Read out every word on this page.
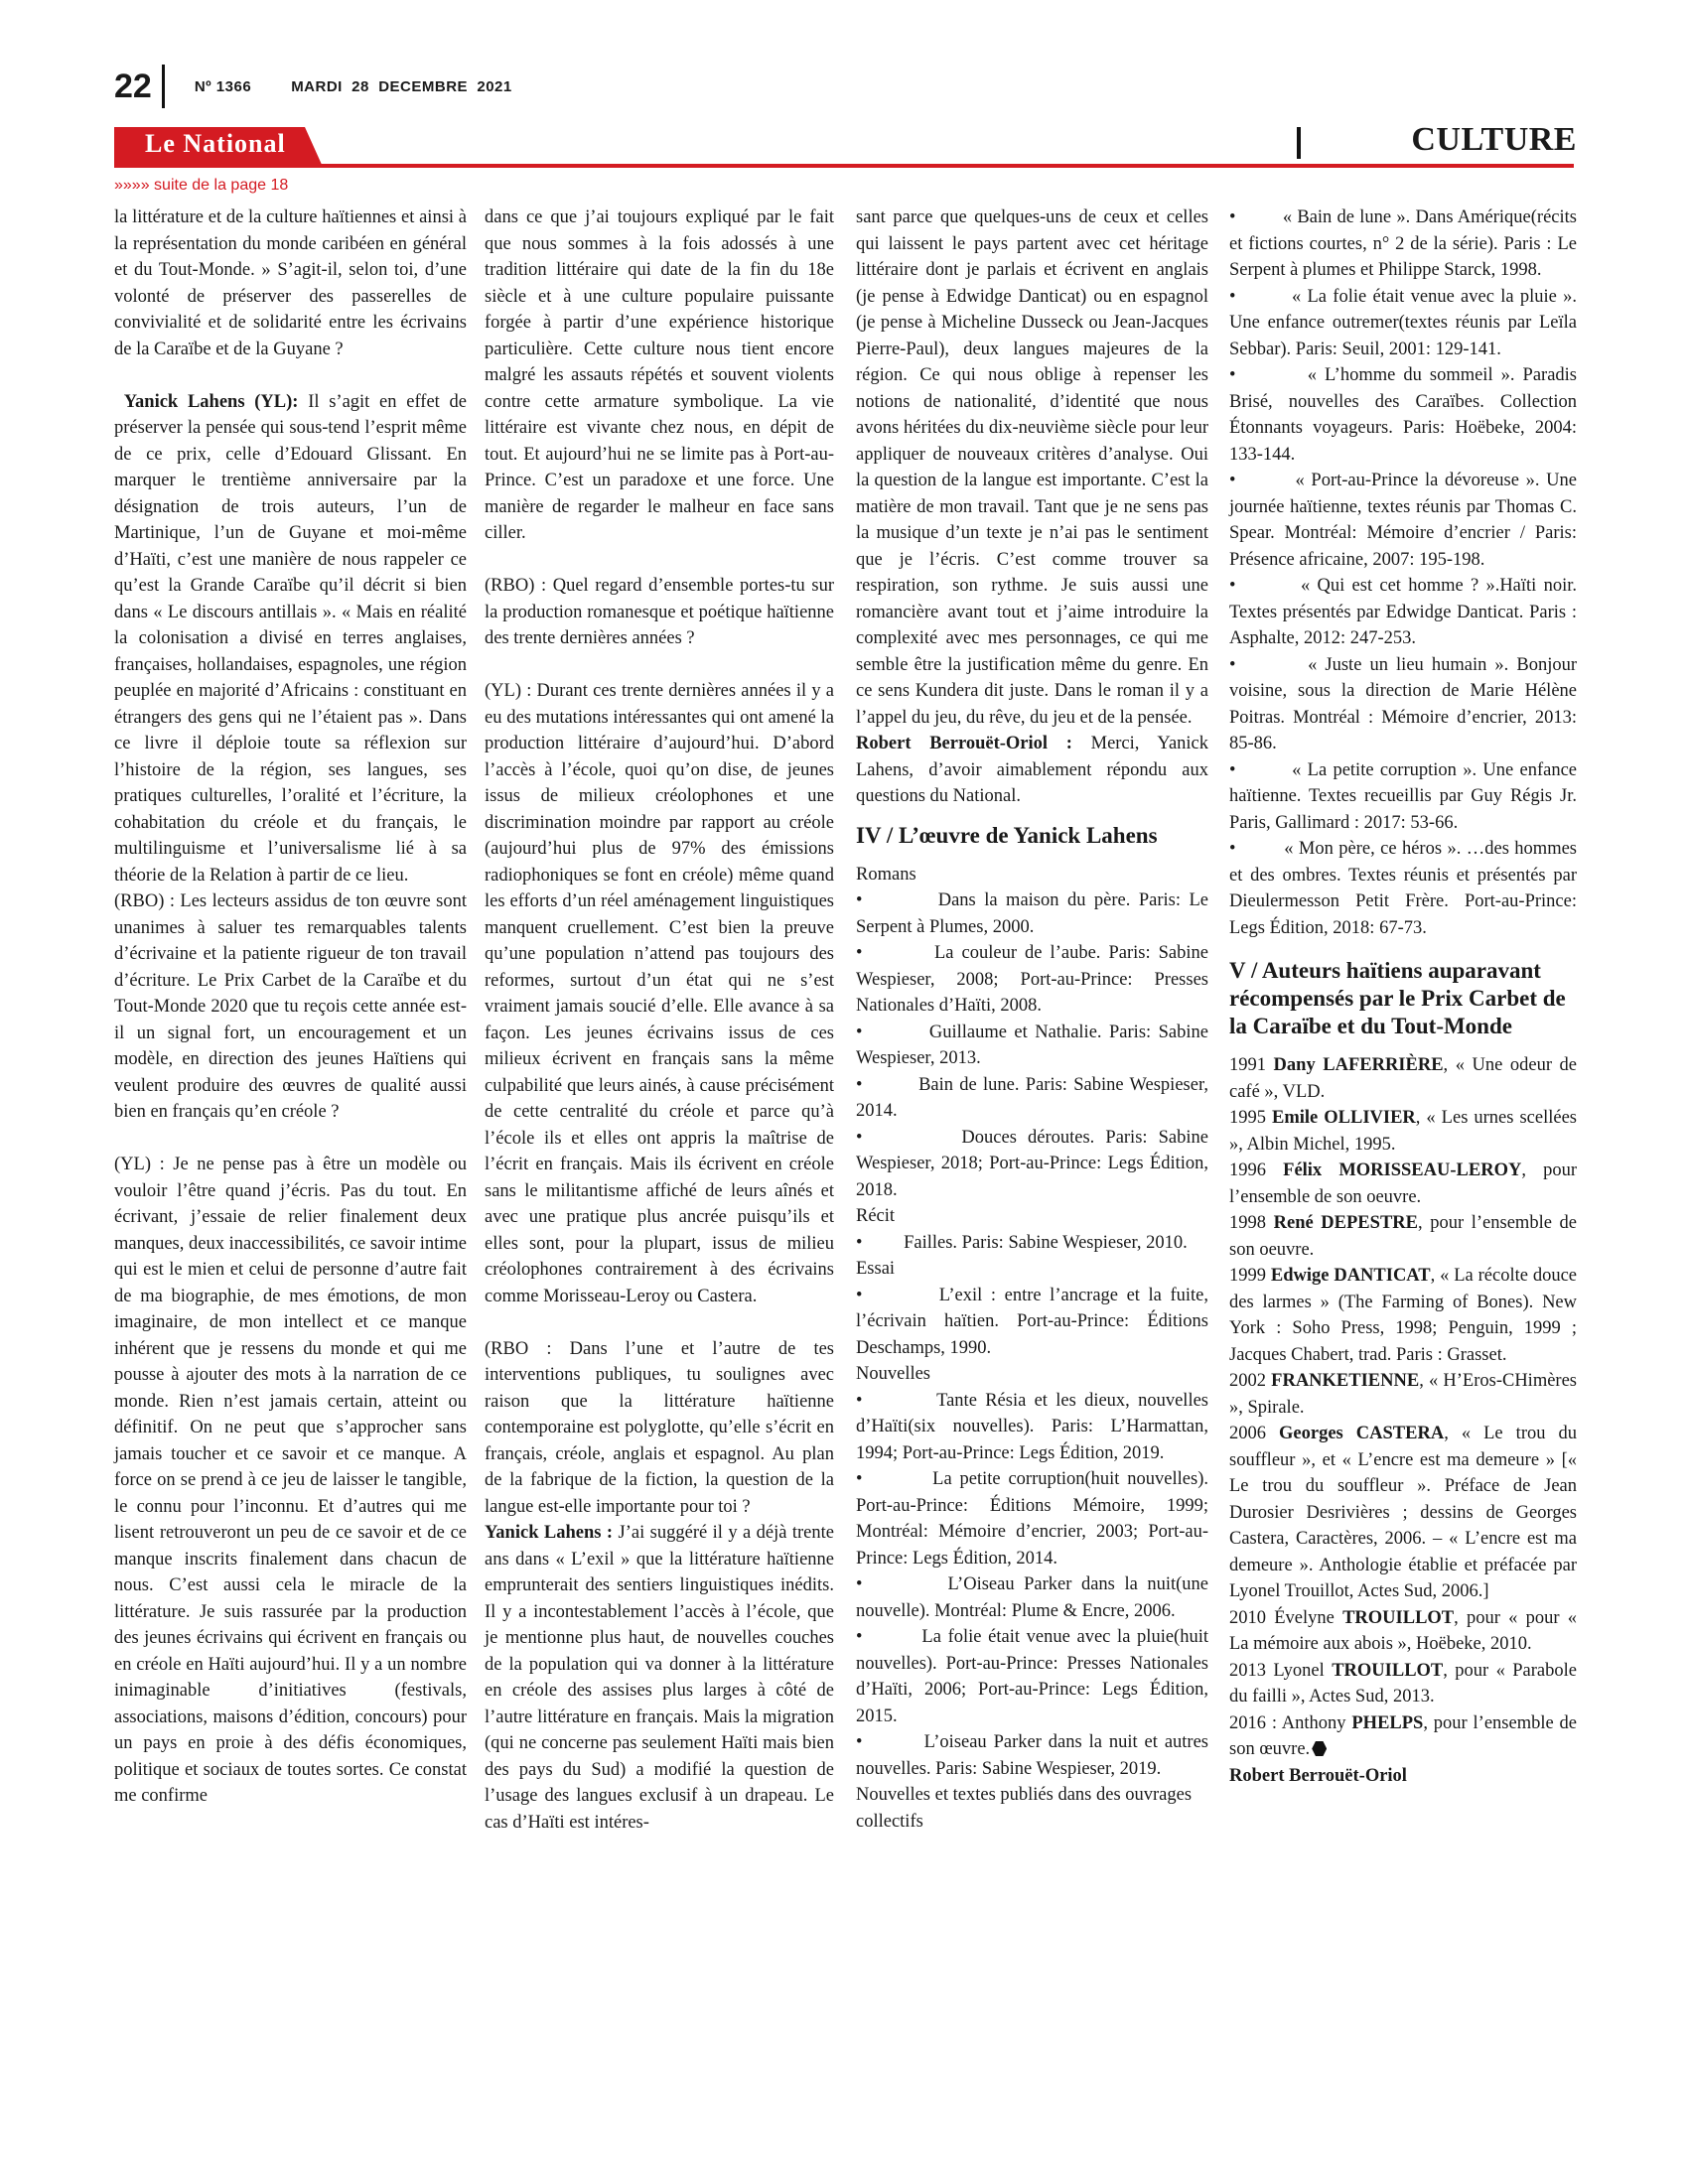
22	Nº 1366	MARDI  28  DECEMBRE  2021
Le National	CULTURE
»»»» suite de la page 18

la littérature et de la culture haïtiennes et ainsi à la représentation du monde caribéen en général et du Tout-Monde. » S’agit-il, selon toi, d’une volonté de préserver des passerelles de convivialité et de solidarité entre les écrivains de la Caraïbe et de la Guyane ?

Yanick Lahens (YL): Il s’agit en effet de préserver la pensée qui sous-tend l’esprit même de ce prix, celle d’Edouard Glissant. En marquer le trentième anniversaire par la désignation de trois auteurs, l’un de Martinique, l’un de Guyane et moi-même d’Haïti, c’est une manière de nous rappeler ce qu’est la Grande Caraïbe qu’il décrit si bien dans « Le discours antillais ». « Mais en réalité la colonisation a divisé en terres anglaises, françaises, hollandaises, espagnoles, une région peuplée en majorité d’Africains : constituant en étrangers des gens qui ne l’étaient pas ». Dans ce livre il déploie toute sa réflexion sur l’histoire de la région, ses langues, ses pratiques culturelles, l’oralité et l’écriture, la cohabitation du créole et du français, le multilinguisme et l’universalisme lié à sa théorie de la Relation à partir de ce lieu.

(RBO) : Les lecteurs assidus de ton œuvre sont unanimes à saluer tes remarquables talents d’écrivaine et la patiente rigueur de ton travail d’écriture. Le Prix Carbet de la Caraïbe et du Tout-Monde 2020 que tu reçois cette année est-il un signal fort, un encouragement et un modèle, en direction des jeunes Haïtiens qui veulent produire des œuvres de qualité aussi bien en français qu’en créole ?

(YL) : Je ne pense pas à être un modèle ou vouloir l’être quand j’écris. Pas du tout. En écrivant, j’essaie de relier finalement deux manques, deux inaccessibilités, ce savoir intime qui est le mien et celui de personne d’autre fait de ma biographie, de mes émotions, de mon imaginaire, de mon intellect et ce manque inhérent que je ressens du monde et qui me pousse à ajouter des mots à la narration de ce monde. Rien n’est jamais certain, atteint ou définitif. On ne peut que s’approcher sans jamais toucher et ce savoir et ce manque. A force on se prend à ce jeu de laisser le tangible, le connu pour l’inconnu. Et d’autres qui me lisent retrouveront un peu de ce savoir et de ce manque inscrits finalement dans chacun de nous. C’est aussi cela le miracle de la littérature. Je suis rassurée par la production des jeunes écrivains qui écrivent en français ou en créole en Haïti aujourd’hui. Il y a un nombre inimaginable d’initiatives (festivals, associations, maisons d’édition, concours) pour un pays en proie à des défis économiques, politique et sociaux de toutes sortes. Ce constat me confirme

dans ce que j’ai toujours expliqué par le fait que nous sommes à la fois adossés à une tradition littéraire qui date de la fin du 18e siècle et à une culture populaire puissante forgée à partir d’une expérience historique particulière. Cette culture nous tient encore malgré les assauts répétés et souvent violents contre cette armature symbolique. La vie littéraire est vivante chez nous, en dépit de tout. Et aujourd’hui ne se limite pas à Port-au-Prince. C’est un paradoxe et une force. Une manière de regarder le malheur en face sans ciller.

(RBO) : Quel regard d’ensemble portes-tu sur la production romanesque et poétique haïtienne des trente dernières années ?

(YL) : Durant ces trente dernières années il y a eu des mutations intéressantes qui ont amené la production littéraire d’aujourd’hui. D’abord l’accès à l’école, quoi qu’on dise, de jeunes issus de milieux créolophones et une discrimination moindre par rapport au créole (aujourd’hui plus de 97% des émissions radiophoniques se font en créole) même quand les efforts d’un réel aménagement linguistiques manquent cruellement. C’est bien la preuve qu’une population n’attend pas toujours des reformes, surtout d’un état qui ne s’est vraiment jamais soucié d’elle. Elle avance à sa façon. Les jeunes écrivains issus de ces milieux écrivent en français sans la même culpabilité que leurs ainés, à cause précisément de cette centralité du créole et parce qu’à l’école ils et elles ont appris la maîtrise de l’écrit en français. Mais ils écrivent en créole sans le militantisme affiché de leurs aînés et avec une pratique plus ancrée puisqu’ils et elles sont, pour la plupart, issus de milieu créolophones contrairement à des écrivains comme Morisseau-Leroy ou Castera.

(RBO : Dans l’une et l’autre de tes interventions publiques, tu soulignes avec raison que la littérature haïtienne contemporaine est polyglotte, qu’elle s’écrit en français, créole, anglais et espagnol. Au plan de la fabrique de la fiction, la question de la langue est-elle importante pour toi ?

Yanick Lahens : J’ai suggéré il y a déjà trente ans dans « L’exil » que la littérature haïtienne emprunterait des sentiers linguistiques inédits. Il y a incontestablement l’accès à l’école, que je mentionne plus haut, de nouvelles couches de la population qui va donner à la littérature en créole des assises plus larges à côté de l’autre littérature en français. Mais la migration (qui ne concerne pas seulement Haïti mais bien des pays du Sud) a modifié la question de l’usage des langues exclusif à un drapeau. Le cas d’Haïti est intéres-

sant parce que quelques-uns de ceux et celles qui laissent le pays partent avec cet héritage littéraire dont je parlais et écrivent en anglais (je pense à Edwidge Danticat) ou en espagnol (je pense à Micheline Dusseck ou Jean-Jacques Pierre-Paul), deux langues majeures de la région. Ce qui nous oblige à repenser les notions de nationalité, d’identité que nous avons héritées du dix-neuvième siècle pour leur appliquer de nouveaux critères d’analyse. Oui la question de la langue est importante. C’est la matière de mon travail. Tant que je ne sens pas la musique d’un texte je n’ai pas le sentiment que je l’écris. C’est comme trouver sa respiration, son rythme. Je suis aussi une romancière avant tout et j’aime introduire la complexité avec mes personnages, ce qui me semble être la justification même du genre. En ce sens Kundera dit juste. Dans le roman il y a l’appel du jeu, du rêve, du jeu et de la pensée.

Robert Berrouët-Oriol : Merci, Yanick Lahens, d’avoir aimablement répondu aux questions du National.

IV / L’œuvre de Yanick Lahens

Romans

•         Dans la maison du père. Paris: Le Serpent à Plumes, 2000.

•         La couleur de l’aube. Paris: Sabine Wespieser, 2008; Port-au-Prince: Presses Nationales d’Haïti, 2008.

•         Guillaume et Nathalie. Paris: Sabine Wespieser, 2013.

•         Bain de lune. Paris: Sabine Wespieser, 2014.

•         Douces déroutes. Paris: Sabine Wespieser, 2018; Port-au-Prince: Legs Édition, 2018.

Récit

•         Failles. Paris: Sabine Wespieser, 2010.

Essai

•         L’exil : entre l’ancrage et la fuite, l’écrivain haïtien. Port-au-Prince: Éditions Deschamps, 1990.

Nouvelles

•         Tante Résia et les dieux, nouvelles d’Haïti(six nouvelles). Paris: L’Harmattan, 1994; Port-au-Prince: Legs Édition, 2019.

•         La petite corruption(huit nouvelles). Port-au-Prince: Éditions Mémoire, 1999; Montréal: Mémoire d’encrier, 2003; Port-au-Prince: Legs Édition, 2014.

•         L’Oiseau Parker dans la nuit(une nouvelle). Montréal: Plume & Encre, 2006.

•         La folie était venue avec la pluie(huit nouvelles). Port-au-Prince: Presses Nationales d’Haïti, 2006; Port-au-Prince: Legs Édition, 2015.

•         L’oiseau Parker dans la nuit et autres nouvelles. Paris: Sabine Wespieser, 2019.

Nouvelles et textes publiés dans des ouvrages collectifs

•         « Bain de lune ». Dans Amérique(récits et fictions courtes, n° 2 de la série). Paris : Le Serpent à plumes et Philippe Starck, 1998.

•         « La folie était venue avec la pluie ». Une enfance outremer(textes réunis par Leïla Sebbar). Paris: Seuil, 2001: 129-141.

•         « L’homme du sommeil ». Paradis Brisé, nouvelles des Caraïbes. Collection Étonnants voyageurs. Paris: Hoëbeke, 2004: 133-144.

•         « Port-au-Prince la dévoreuse ». Une journée haïtienne, textes réunis par Thomas C. Spear. Montréal: Mémoire d’encrier / Paris: Présence africaine, 2007: 195-198.

•         « Qui est cet homme ? ».Haïti noir. Textes présentés par Edwidge Danticat. Paris : Asphalte, 2012: 247-253.

•         « Juste un lieu humain ». Bonjour voisine, sous la direction de Marie Hélène Poitras. Montréal : Mémoire d’encrier, 2013: 85-86.

•         « La petite corruption ». Une enfance haïtienne. Textes recueillis par Guy Régis Jr. Paris, Gallimard : 2017: 53-66.

•         « Mon père, ce héros ». …des hommes et des ombres. Textes réunis et présentés par Dieulermesson Petit Frère. Port-au-Prince: Legs Édition, 2018: 67-73.

V / Auteurs haïtiens auparavant récompensés par le Prix Carbet de la Caraïbe et du Tout-Monde

1991 Dany LAFERRIÈRE, « Une odeur de café », VLD.

1995 Emile OLLIVIER, « Les urnes scellées », Albin Michel, 1995.

1996 Félix MORISSEAU-LEROY, pour l’ensemble de son oeuvre.

1998 René DEPESTRE, pour l’ensemble de son oeuvre.

1999 Edwige DANTICAT, « La récolte douce des larmes » (The Farming of Bones). New York : Soho Press, 1998; Penguin, 1999 ; Jacques Chabert, trad. Paris : Grasset.

2002 FRANKETIENNE, « H’Eros-CHimères », Spirale.

2006 Georges CASTERA, « Le trou du souffleur », et « L’encre est ma demeure » [« Le trou du souffleur ». Préface de Jean Durosier Desrivières ; dessins de Georges Castera, Caractères, 2006. – « L’encre est ma demeure ». Anthologie établie et préfacée par Lyonel Trouillot, Actes Sud, 2006.]

2010 Évelyne TROUILLOT, pour « pour « La mémoire aux abois », Hoëbeke, 2010.

2013 Lyonel TROUILLOT, pour « Parabole du failli », Actes Sud, 2013.

2016 : Anthony PHELPS, pour l’ensemble de son œuvre.

Robert Berrouët-Oriol
